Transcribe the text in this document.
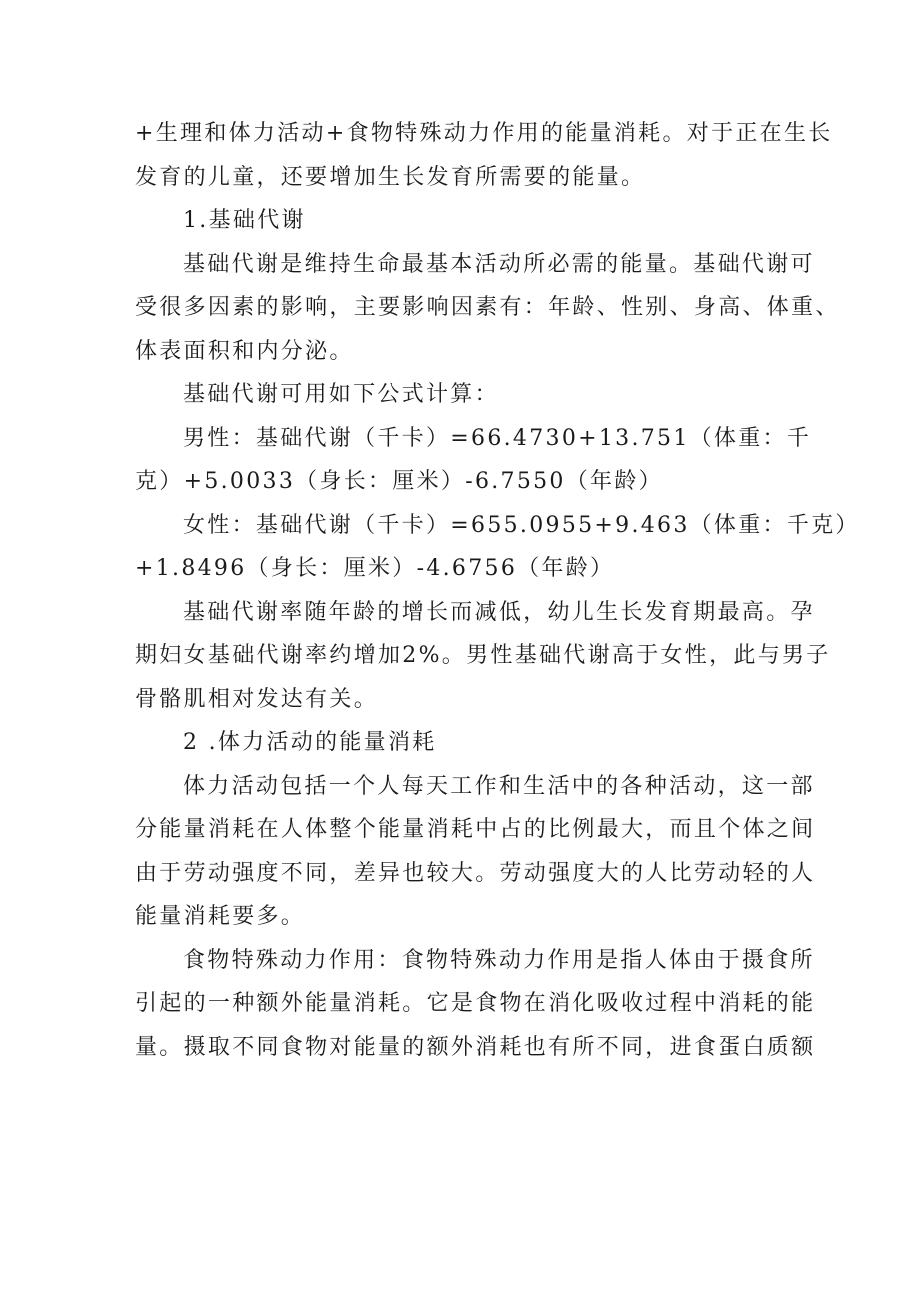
+生理和体力活动+食物特殊动力作用的能量消耗。对于正在生长
发育的儿童，还要增加生长发育所需要的能量。
1.基础代谢
基础代谢是维持生命最基本活动所必需的能量。基础代谢可
受很多因素的影响，主要影响因素有：年龄、性别、身高、体重、
体表面积和内分泌。
基础代谢可用如下公式计算：
男性：基础代谢（千卡）=66.4730+13.751（体重：千
克）+5.0033（身长：厘米）-6.7550（年龄）
女性：基础代谢（千卡）=655.0955+9.463（体重：千克）
+1.8496（身长：厘米）-4.6756（年龄）
基础代谢率随年龄的增长而减低，幼儿生长发育期最高。孕
期妇女基础代谢率约增加2%。男性基础代谢高于女性，此与男子
骨骼肌相对发达有关。
2 .体力活动的能量消耗
体力活动包括一个人每天工作和生活中的各种活动，这一部
分能量消耗在人体整个能量消耗中占的比例最大，而且个体之间
由于劳动强度不同，差异也较大。劳动强度大的人比劳动轻的人
能量消耗要多。
食物特殊动力作用：食物特殊动力作用是指人体由于摄食所
引起的一种额外能量消耗。它是食物在消化吸收过程中消耗的能
量。摄取不同食物对能量的额外消耗也有所不同，进食蛋白质额
